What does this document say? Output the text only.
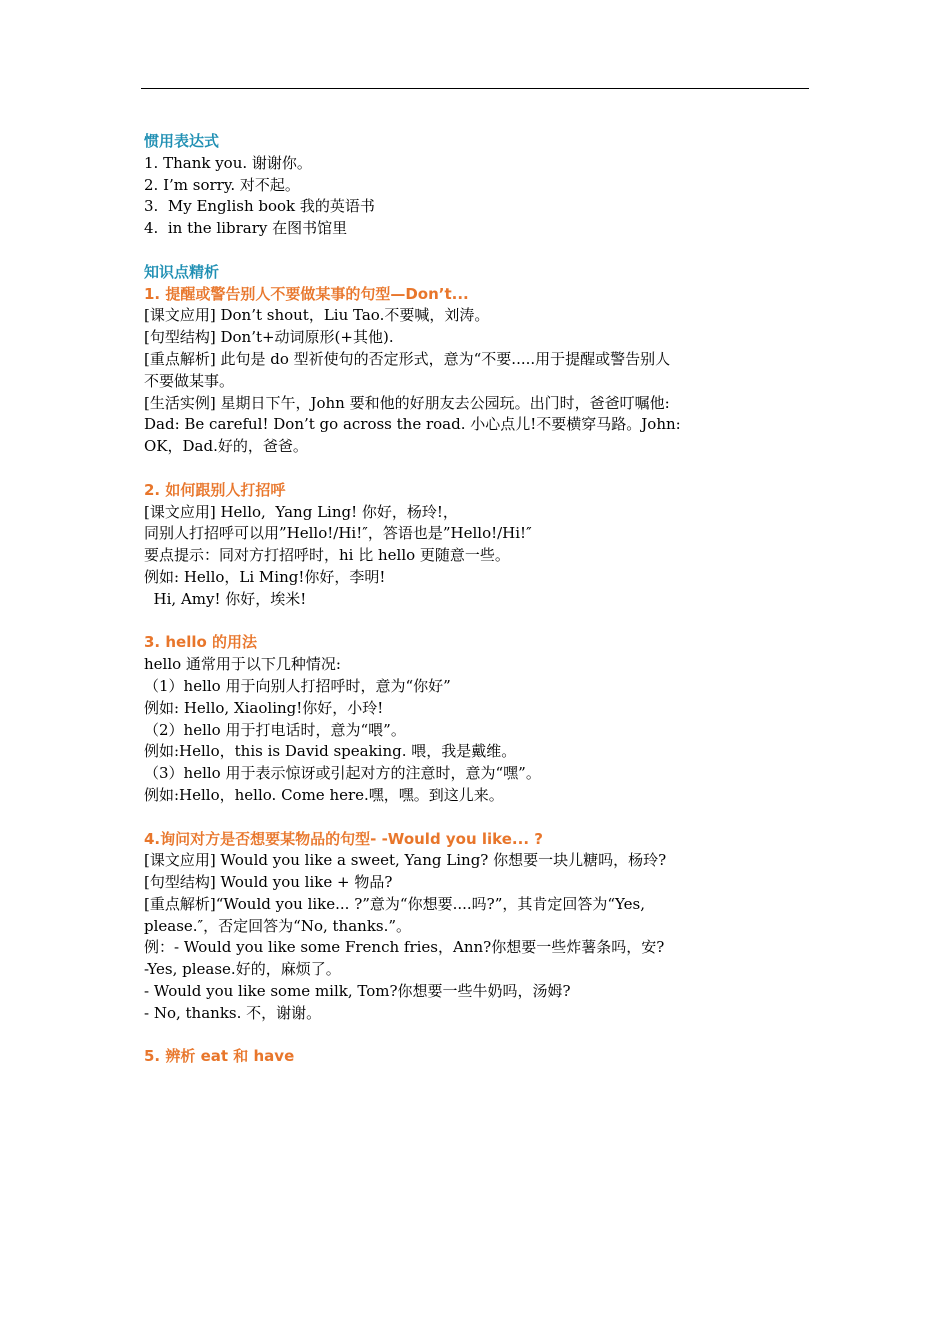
惯用表达式
1. Thank you. 谢谢你。
2. I’m sorry. 对不起。
3.  My English book 我的英语书
4.  in the library 在图书馆里
知识点精析
1. 提醒或警告别人不要做某事的句型—Don’t...
[课文应用] Don’t shout，Liu Tao.不要喊，刘涛。
[句型结构] Don’t+动词原形(+其他).
[重点解析] 此句是 do 型祈使句的否定形式，意为“不要.....用于提醒或警告别人
不要做某事。
[生活实例] 星期日下午，John 要和他的好朋友去公园玩。出门时，爸爸叮嘱他:
Dad: Be careful! Don’t go across the road. 小心点儿!不要横穿马路。John:
OK，Dad.好的，爸爸。
2. 如何跟别人打招呼
[课文应用] Hello,  Yang Ling! 你好，杨玲!，
同别人打招呼可以用”Hello!/Hi!″，答语也是”Hello!/Hi!″
要点提示：同对方打招呼时，hi 比 hello 更随意一些。
例如: Hello，Li Ming!你好，李明!
Hi, Amy! 你好，埃米!
3. hello 的用法
hello 通常用于以下几种情况:
（1）hello 用于向别人打招呼时，意为“你好”
例如: Hello, Xiaoling!你好，小玲!
（2）hello 用于打电话时，意为“喂”。
例如:Hello，this is David speaking. 喂，我是戴维。
（3）hello 用于表示惊讶或引起对方的注意时，意为“嘿”。
例如:Hello，hello. Come here.嘿，嘿。到这儿来。
4.询问对方是否想要某物品的句型- -Would you like... ?
[课文应用] Would you like a sweet, Yang Ling? 你想要一块儿糖吗，杨玲?
[句型结构] Would you like + 物品?
[重点解析]“Would you like... ?”意为“你想要....吗?”，其肯定回答为“Yes,
please.″，否定回答为“No, thanks.”。
例：- Would you like some French fries，Ann?你想要一些炸薯条吗，安?
-Yes, please.好的，麻烦了。
- Would you like some milk, Tom?你想要一些牛奶吗，汤姆?
- No, thanks. 不，谢谢。
5. 辨析 eat 和 have
